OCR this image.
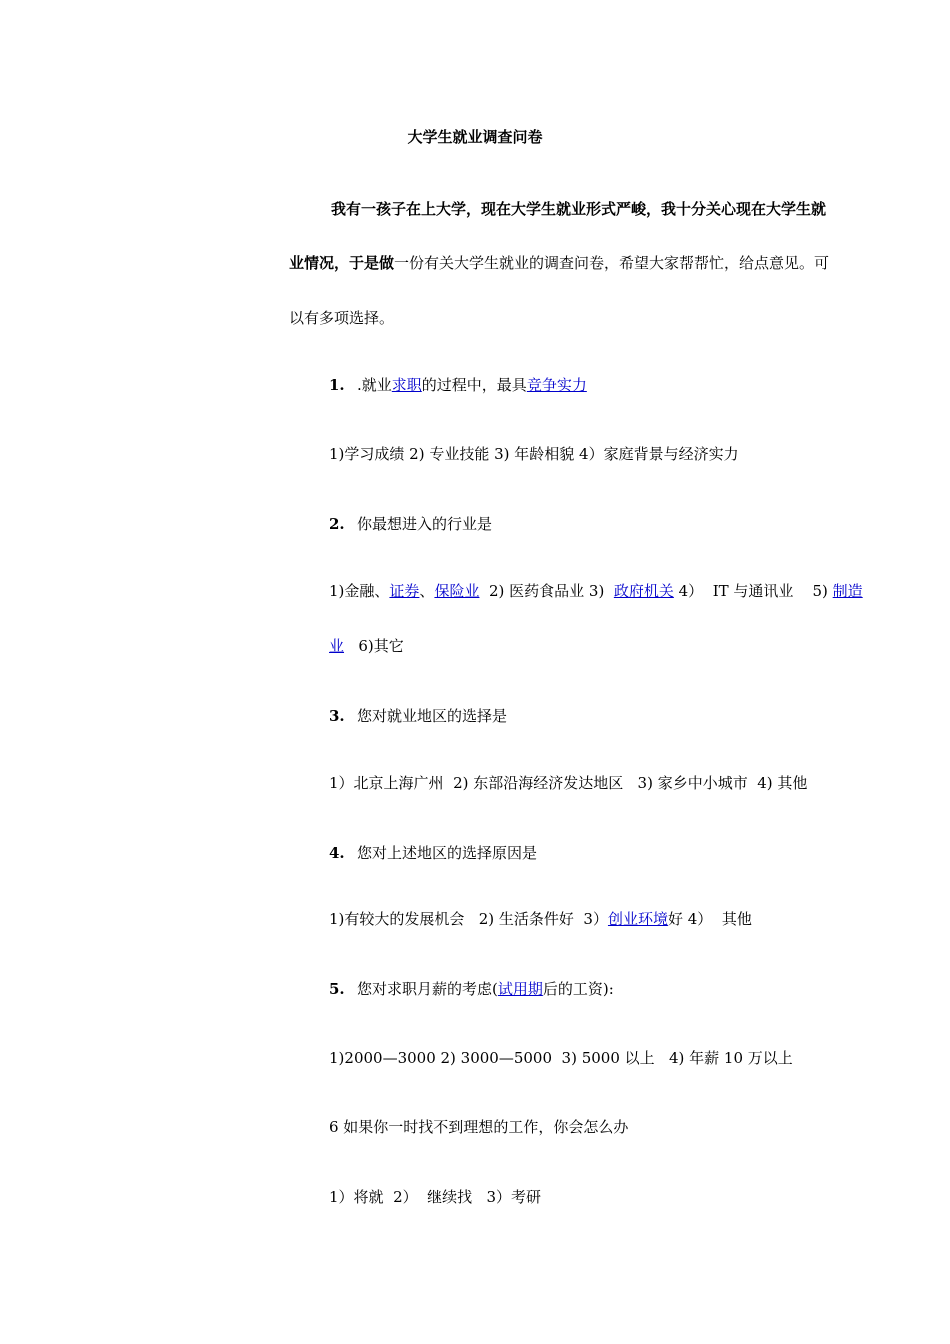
大学生就业调查问卷
我有一孩子在上大学，现在大学生就业形式严峻，我十分关心现在大学生就
业情况，于是做一份有关大学生就业的调查问卷，希望大家帮帮忙，给点意见。可
以有多项选择。
1. .就业求职的过程中，最具竞争实力
1)学习成绩 2) 专业技能 3) 年龄相貌 4）家庭背景与经济实力
2. 你最想进入的行业是
1)金融、证券、保险业  2) 医药食品业 3)  政府机关 4）  IT 与通讯业    5) 制造
业   6)其它
3. 您对就业地区的选择是
1）北京上海广州  2) 东部沿海经济发达地区   3) 家乡中小城市  4) 其他
4. 您对上述地区的选择原因是
1)有较大的发展机会   2) 生活条件好  3）创业环境好 4）  其他
5. 您对求职月薪的考虑(试用期后的工资):
1)2000—3000 2) 3000—5000  3) 5000 以上   4) 年薪 10 万以上
6 如果你一时找不到理想的工作，你会怎么办
1）将就  2）  继续找   3）考研
